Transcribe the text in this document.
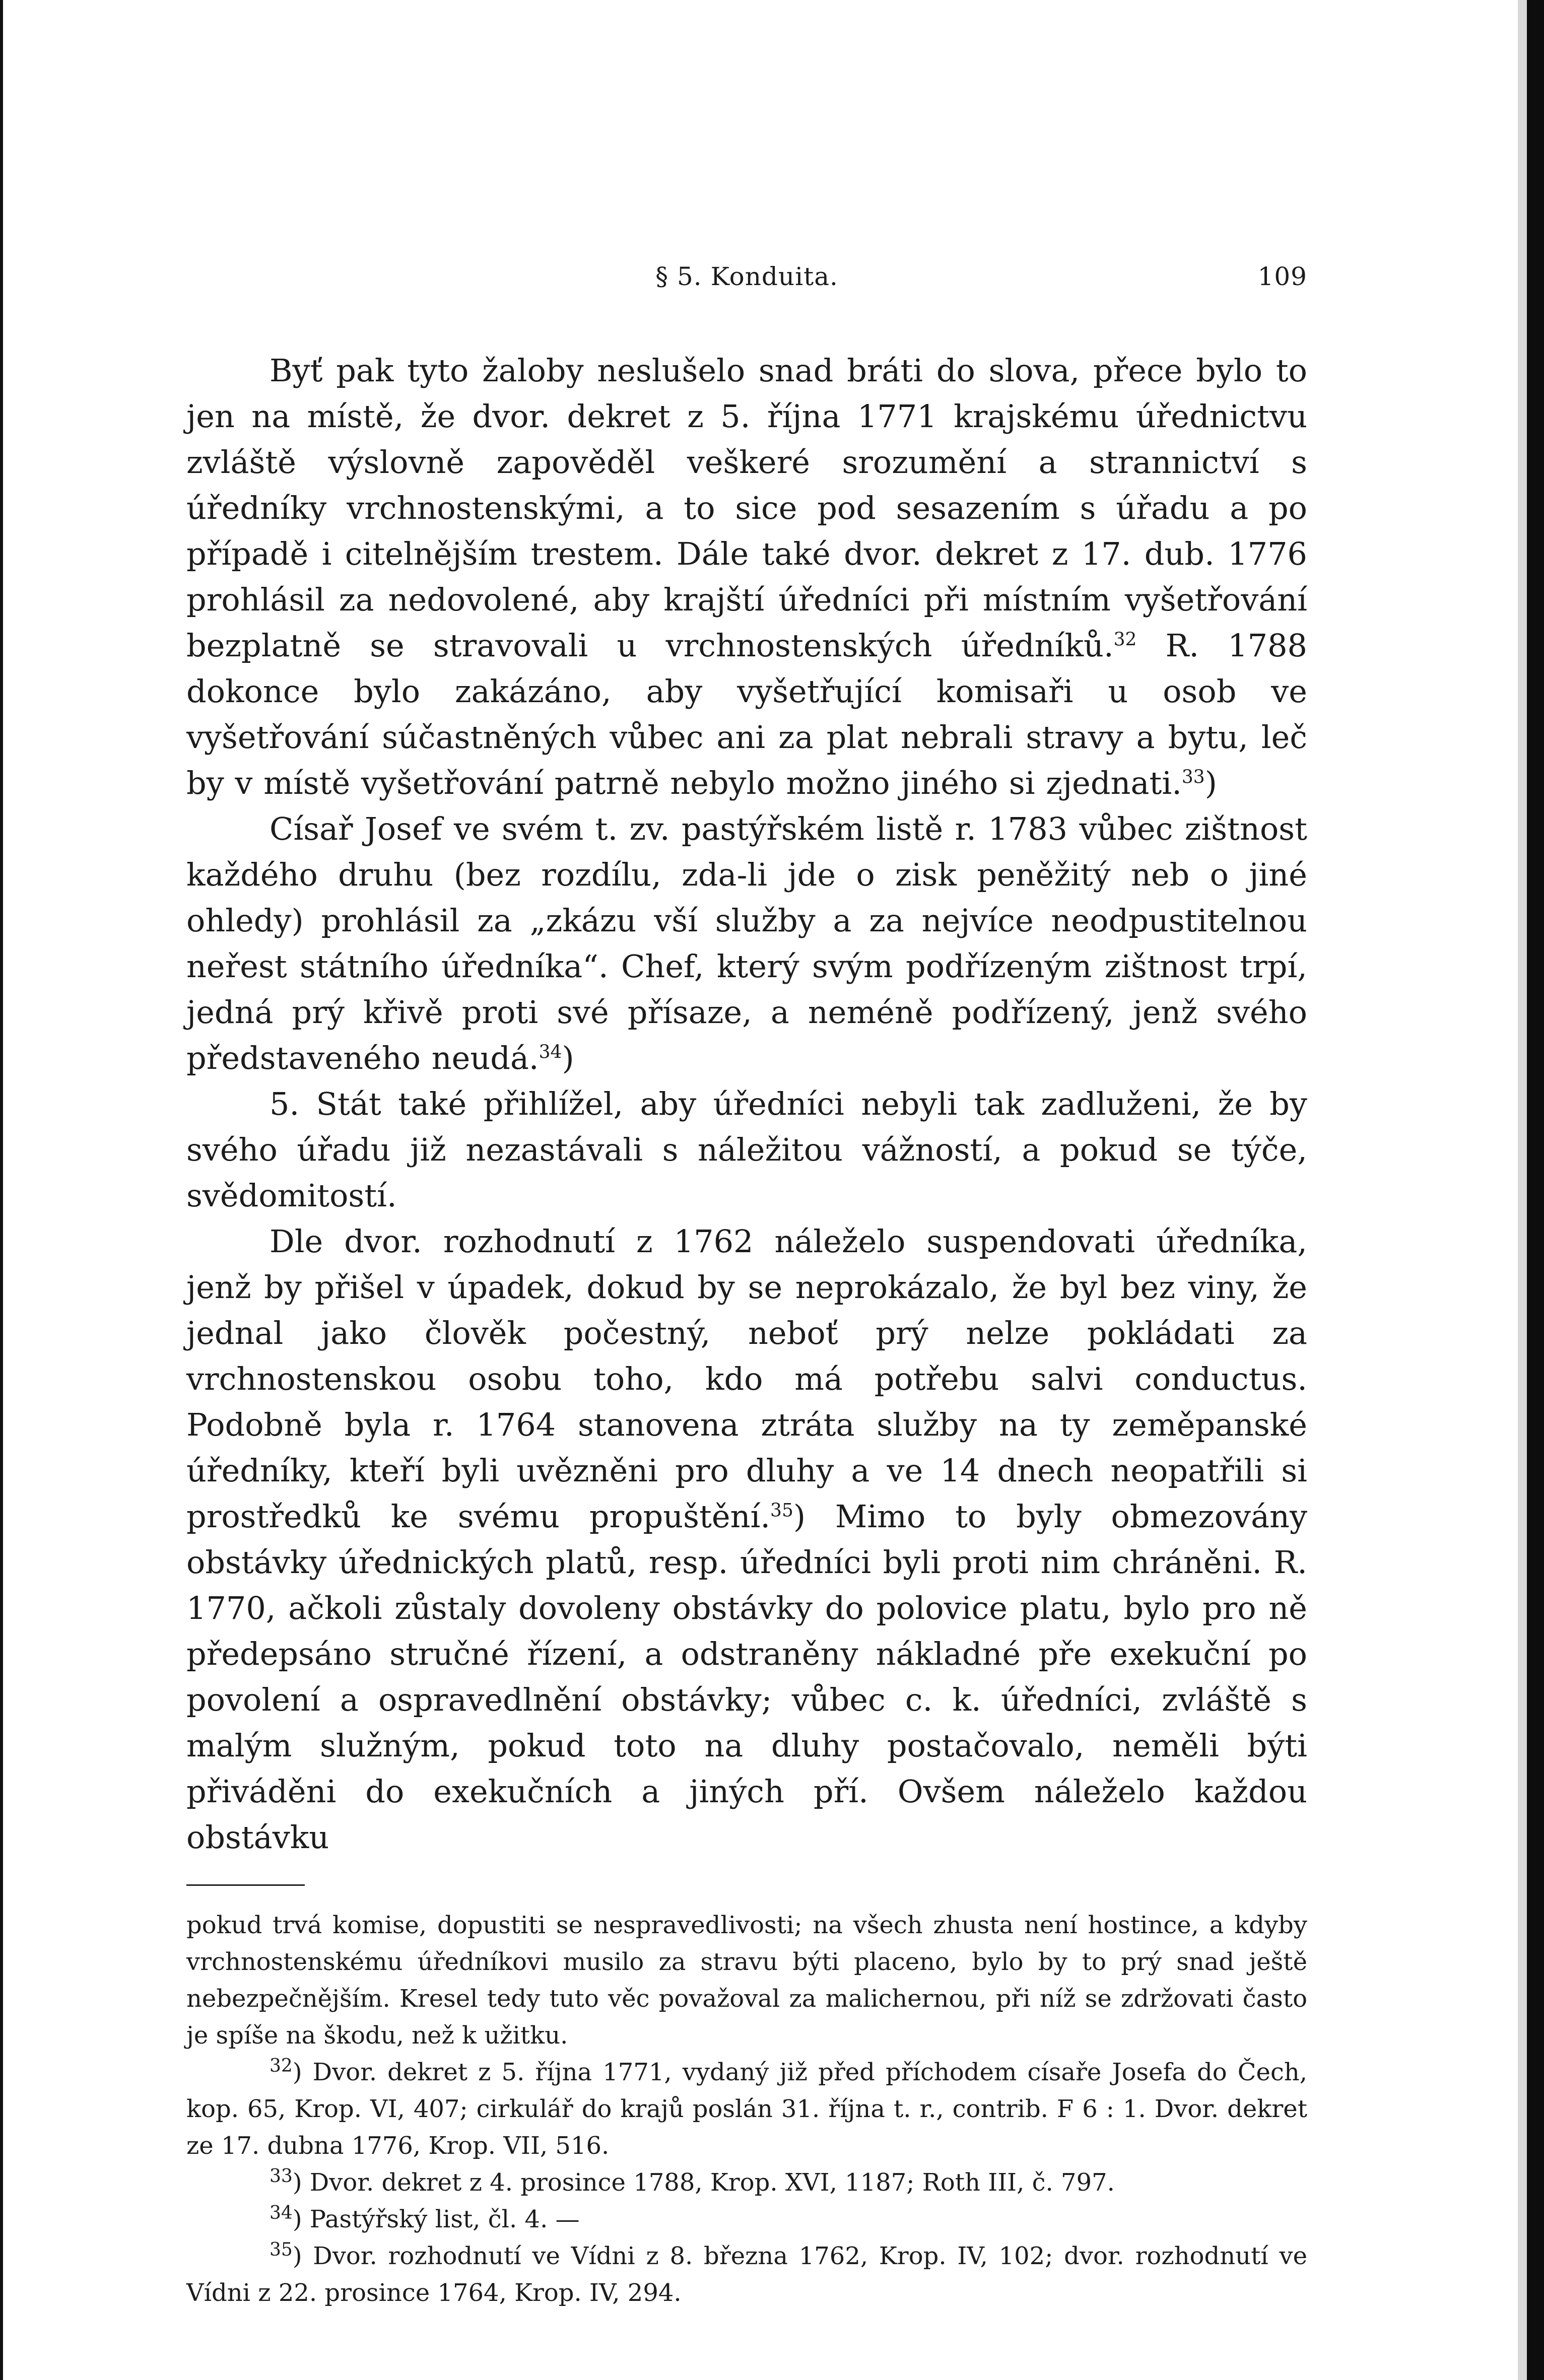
§ 5. Konduita.	109

Byť pak tyto žaloby neslušelo snad bráti do slova, přece bylo to jen na místě, že dvor. dekret z 5. října 1771 krajskému úřednictvu zvláště výslovně zapověděl veškeré srozumění a strannictví s úředníky vrchnostenskými, a to sice pod sesazením s úřadu a po případě i citelnějším trestem. Dále také dvor. dekret z 17. dub. 1776 prohlásil za nedovolené, aby krajští úředníci při místním vyšetřování bezplatně se stravovali u vrchnostenských úředníků.$^{32}$ R. 1788 dokonce bylo zakázáno, aby vyšetřující komisaři u osob ve vyšetřování súčastněných vůbec ani za plat nebrali stravy a bytu, leč by v místě vyšetřování patrně nebylo možno jiného si zjednati.$^{33}$)

Císař Josef ve svém t. zv. pastýřském listě r. 1783 vůbec zištnost každého druhu (bez rozdílu, zda-li jde o zisk peněžitý neb o jiné ohledy) prohlásil za „zkázu vší služby a za nejvíce neodpustitelnou neřest státního úředníka“. Chef, který svým podřízeným zištnost trpí, jedná prý křivě proti své přísaze, a neméně podřízený, jenž svého představeného neudá.$^{34}$)

5. Stát také přihlížel, aby úředníci nebyli tak zadluženi, že by svého úřadu již nezastávali s náležitou vážností, a pokud se týče, svědomitostí.

Dle dvor. rozhodnutí z 1762 náleželo suspendovati úředníka, jenž by přišel v úpadek, dokud by se neprokázalo, že byl bez viny, že jednal jako člověk počestný, neboť prý nelze pokládati za vrchnostenskou osobu toho, kdo má potřebu salvi conductus. Podobně byla r. 1764 stanovena ztráta služby na ty zeměpanské úředníky, kteří byli uvězněni pro dluhy a ve 14 dnech neopatřili si prostředků ke svému propuštění.$^{35}$) Mimo to byly obmezovány obstávky úřednických platů, resp. úředníci byli proti nim chráněni. R. 1770, ačkoli zůstaly dovoleny obstávky do polovice platu, bylo pro ně předepsáno stručné řízení, a odstraněny nákladné pře exekuční po povolení a ospravedlnění obstávky; vůbec c. k. úředníci, zvláště s malým služným, pokud toto na dluhy postačovalo, neměli býti přiváděni do exekučních a jiných pří. Ovšem náleželo každou obstávku

pokud trvá komise, dopustiti se nespravedlivosti; na všech zhusta není hostince, a kdyby vrchnostenskému úředníkovi musilo za stravu býti placeno, bylo by to prý snad ještě nebezpečnějším. Kresel tedy tuto věc považoval za malichernou, při níž se zdržovati často je spíše na škodu, než k užitku.

$^{32}$) Dvor. dekret z 5. října 1771, vydaný již před příchodem císaře Josefa do Čech, kop. 65, Krop. VI, 407; cirkulář do krajů poslán 31. října t. r., contrib. F 6 : 1. Dvor. dekret ze 17. dubna 1776, Krop. VII, 516.

$^{33}$) Dvor. dekret z 4. prosince 1788, Krop. XVI, 1187; Roth III, č. 797.

$^{34}$) Pastýřský list, čl. 4. —

$^{35}$) Dvor. rozhodnutí ve Vídni z 8. března 1762, Krop. IV, 102; dvor. rozhodnutí ve Vídni z 22. prosince 1764, Krop. IV, 294.
